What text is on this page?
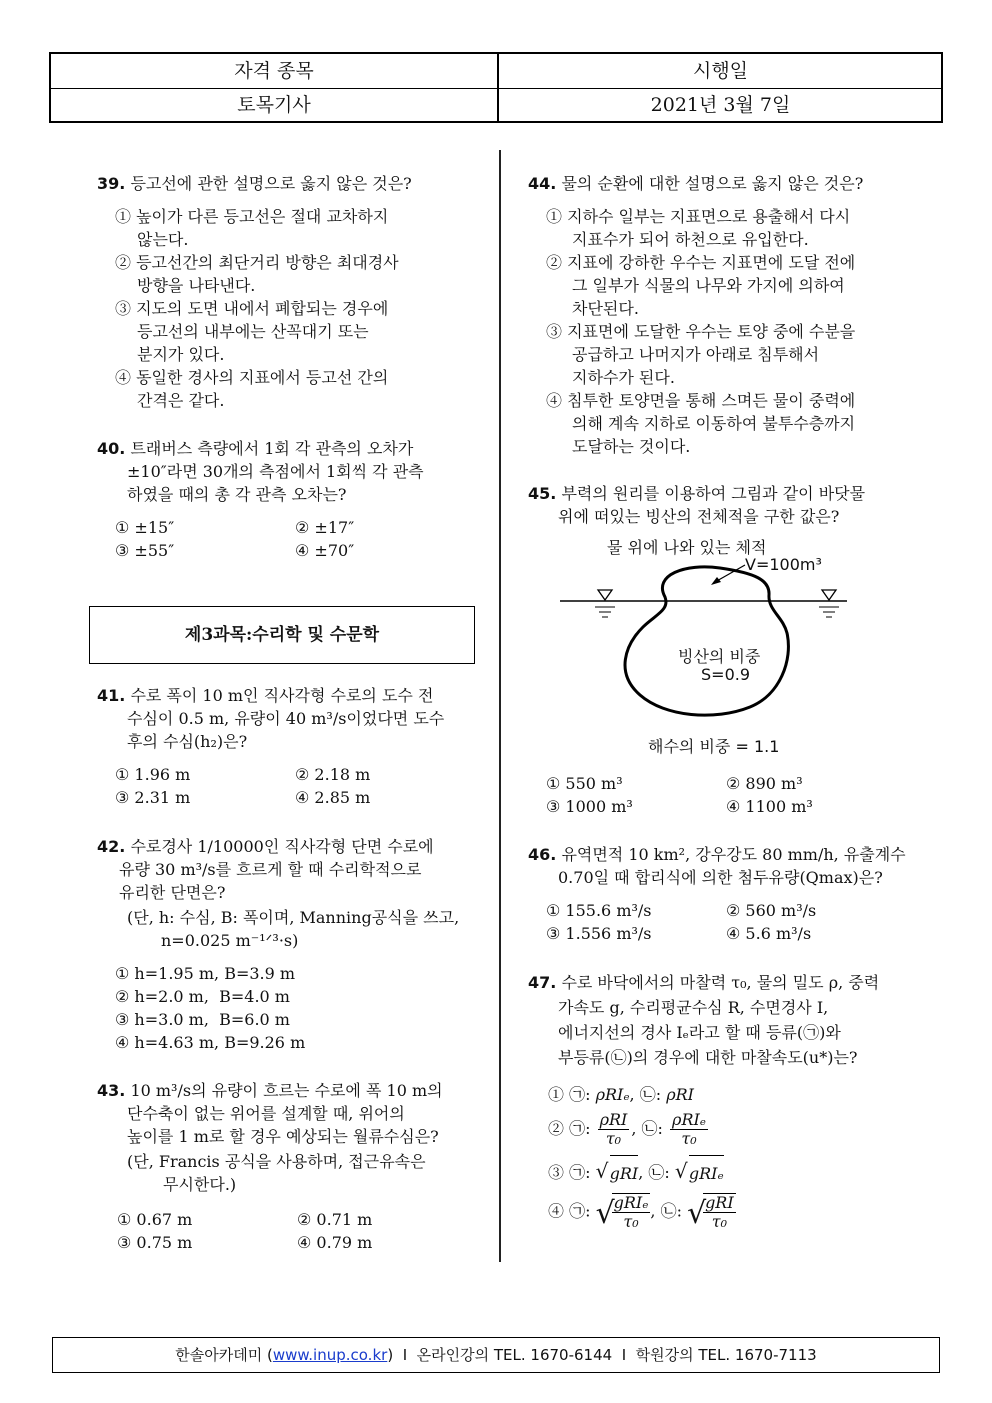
자격 종목	시행일
토목기사	2021년 3월 7일
39. 등고선에 관한 설명으로 옳지 않은 것은?
① 높이가 다른 등고선은 절대 교차하지
않는다.
② 등고선간의 최단거리 방향은 최대경사
방향을 나타낸다.
③ 지도의 도면 내에서 폐합되는 경우에
등고선의 내부에는 산꼭대기 또는
분지가 있다.
④ 동일한 경사의 지표에서 등고선 간의
간격은 같다.
40. 트래버스 측량에서 1회 각 관측의 오차가
±10″라면 30개의 측점에서 1회씩 각 관측
하였을 때의 총 각 관측 오차는?
① ±15″	② ±17″
③ ±55″	④ ±70″
제3과목:수리학 및 수문학
41. 수로 폭이 10 m인 직사각형 수로의 도수 전
수심이 0.5 m, 유량이 40 m³/s이었다면 도수
후의 수심(h₂)은?
① 1.96 m	② 2.18 m
③ 2.31 m	④ 2.85 m
42. 수로경사 1/10000인 직사각형 단면 수로에
유량 30 m³/s를 흐르게 할 때 수리학적으로
유리한 단면은?
(단, h: 수심, B: 폭이며, Manning공식을 쓰고,
n=0.025 m⁻¹ᐟ³·s)
① h=1.95 m, B=3.9 m
② h=2.0 m,  B=4.0 m
③ h=3.0 m,  B=6.0 m
④ h=4.63 m, B=9.26 m
43. 10 m³/s의 유량이 흐르는 수로에 폭 10 m의
단수축이 없는 위어를 설계할 때, 위어의
높이를 1 m로 할 경우 예상되는 월류수심은?
(단, Francis 공식을 사용하며, 접근유속은
무시한다.)
① 0.67 m	② 0.71 m
③ 0.75 m	④ 0.79 m
44. 물의 순환에 대한 설명으로 옳지 않은 것은?
① 지하수 일부는 지표면으로 용출해서 다시
지표수가 되어 하천으로 유입한다.
② 지표에 강하한 우수는 지표면에 도달 전에
그 일부가 식물의 나무와 가지에 의하여
차단된다.
③ 지표면에 도달한 우수는 토양 중에 수분을
공급하고 나머지가 아래로 침투해서
지하수가 된다.
④ 침투한 토양면을 통해 스며든 물이 중력에
의해 계속 지하로 이동하여 불투수층까지
도달하는 것이다.
45. 부력의 원리를 이용하여 그림과 같이 바닷물
위에 떠있는 빙산의 전체적을 구한 값은?
물 위에 나와 있는 체적
V=100m³
빙산의 비중
S=0.9
해수의 비중 = 1.1
① 550 m³	② 890 m³
③ 1000 m³	④ 1100 m³
46. 유역면적 10 km², 강우강도 80 mm/h, 유출계수
0.70일 때 합리식에 의한 첨두유량(Qmax)은?
① 155.6 m³/s	② 560 m³/s
③ 1.556 m³/s	④ 5.6 m³/s
47. 수로 바닥에서의 마찰력 τ₀, 물의 밀도 ρ, 중력
가속도 g, 수리평균수심 R, 수면경사 I,
에너지선의 경사 Iₑ라고 할 때 등류(㉠)와
부등류(㉡)의 경우에 대한 마찰속도(u*)는?
① ㉠: ρRIₑ, ㉡: ρRI
② ㉠: $\frac{\text{ρRI}}{\text{τ₀}}$ , ㉡: $\frac{\text{ρRIₑ}}{\text{τ₀}}$
③ ㉠: √ gRI, ㉡: √ gRIₑ
④ ㉠: √
$\frac{\text{gRIₑ}}{\text{τ₀}}$ , ㉡: √
$\frac{\text{gRI}}{\text{τ₀}}$
한솔아카데미 (www.inup.co.kr)  I  온라인강의 TEL. 1670-6144  I  학원강의 TEL. 1670-7113
